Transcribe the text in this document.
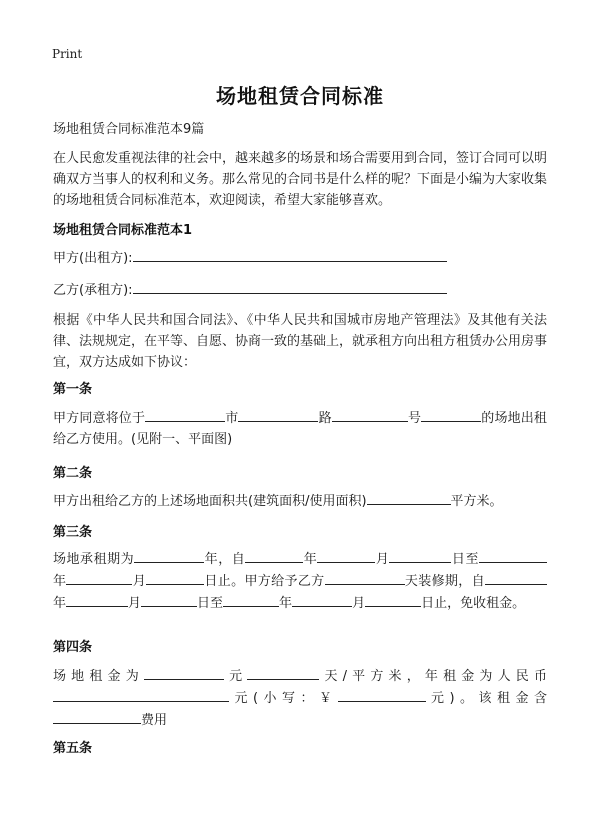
Print
场地租赁合同标准
场地租赁合同标准范本9篇
在人民愈发重视法律的社会中，越来越多的场景和场合需要用到合同，签订合同可以明确双方当事人的权利和义务。那么常见的合同书是什么样的呢？下面是小编为大家收集的场地租赁合同标准范本，欢迎阅读，希望大家能够喜欢。
场地租赁合同标准范本1
甲方(出租方):
乙方(承租方):
根据《中华人民共和国合同法》、《中华人民共和国城市房地产管理法》及其他有关法律、法规规定，在平等、自愿、协商一致的基础上，就承租方向出租方租赁办公用房事宜，双方达成如下协议：
第一条
甲方同意将位于	市	路	号	的场地出租给乙方使用。(见附一、平面图)
第二条
甲方出租给乙方的上述场地面积共(建筑面积/使用面积)	平方米。
第三条
场地承租期为	年，自	年	月	日至年	月	日止。甲方给予乙方	天装修期，自年	月	日至	年	月	日止，免收租金。
第四条
场地租金为	元	天/平方米，年租金为人民币元(小写：￥	元)。该租金含费用
第五条
